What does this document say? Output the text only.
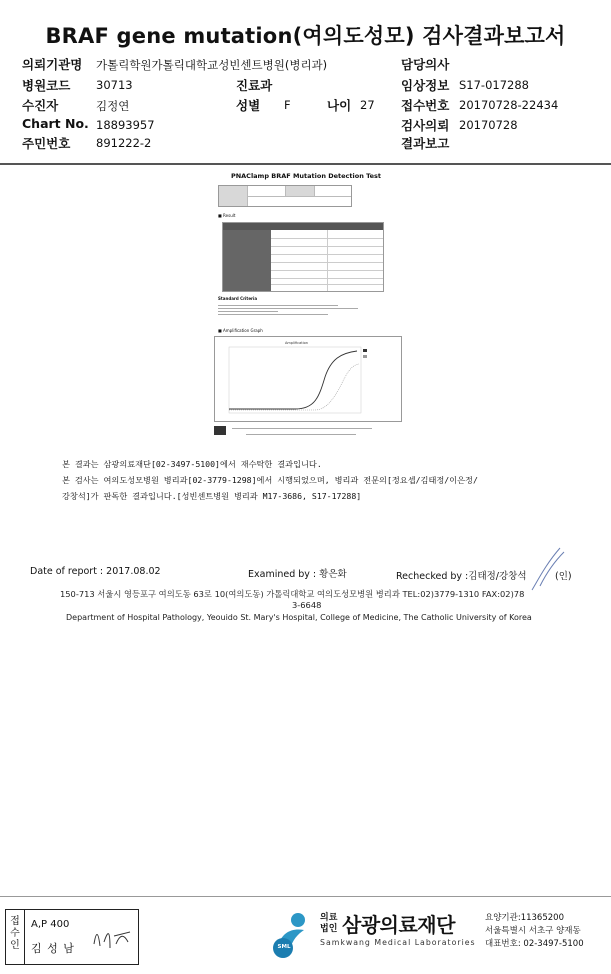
BRAF gene mutation(여의도성모) 검사결과보고서
의뢰기관명 가톨릭학원가톨릭대학교성빈센트병원(병리과)
병원코드 30713	진료과
수진자	김정연	성별 F	나이 27
Chart No. 18893957
주민번호 891222-2
담당의사
임상정보 S17-017288
접수번호 20170728-22434
검사의뢰 20170728
결과보고
PNAClamp BRAF Mutation Detection Test
■ Result
Standard Criteria
■ Amplification Graph
Amplification
본 결과는 삼광의료재단[02-3497-5100]에서 재수탁한 결과입니다.
본 검사는 여의도성모병원 병리과[02-3779-1298]에서 시행되었으며, 병리과 전문의[정요셉/김태정/이은정/
강창석]가 판독한 결과입니다.[성빈센트병원 병리과 M17-3686, S17-17288]
Date of report : 2017.08.02	Examined by : 황은화	Rechecked by :김태정/강창석	(인)
150-713 서울시 영등포구 여의도동 63로 10(여의도동) 가톨릭대학교 여의도성모병원 병리과 TEL:02)3779-1310 FAX:02)78
3-6648
Department of Hospital Pathology, Yeouido St. Mary's Hospital, College of Medicine, The Catholic University of Korea
접수인
A,P 400
김 성 남	SML
의료
법인 삼광의료재단
Samkwang Medical Laboratories
요양기관:11365200
서울특별시 서초구 양재동
대표번호: 02-3497-5100
